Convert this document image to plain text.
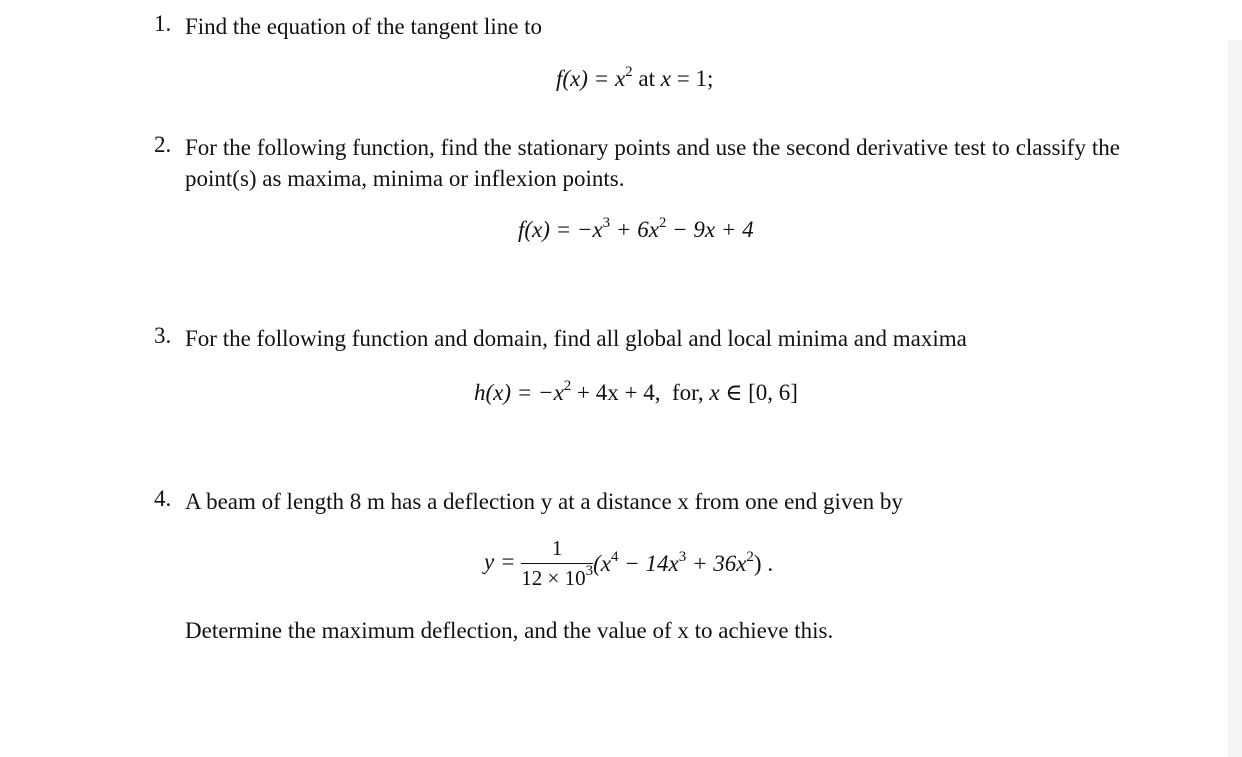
1. Find the equation of the tangent line to
$f(x) = x^2$ at x = 1;
2. For the following function, find the stationary points and use the second derivative test to classify the point(s) as maxima, minima or inflexion points.
$f(x) = -x^3 + 6x^2 - 9x + 4$
3. For the following function and domain, find all global and local minima and maxima
$h(x) = -x^2 + 4x + 4$,  for, x ∈ [0, 6]
4. A beam of length 8 m has a deflection y at a distance x from one end given by
$y = \frac{1}{12 \times 10^3} (x^4 - 14x^3 + 36x^2)$ .
Determine the maximum deflection, and the value of x to achieve this.
